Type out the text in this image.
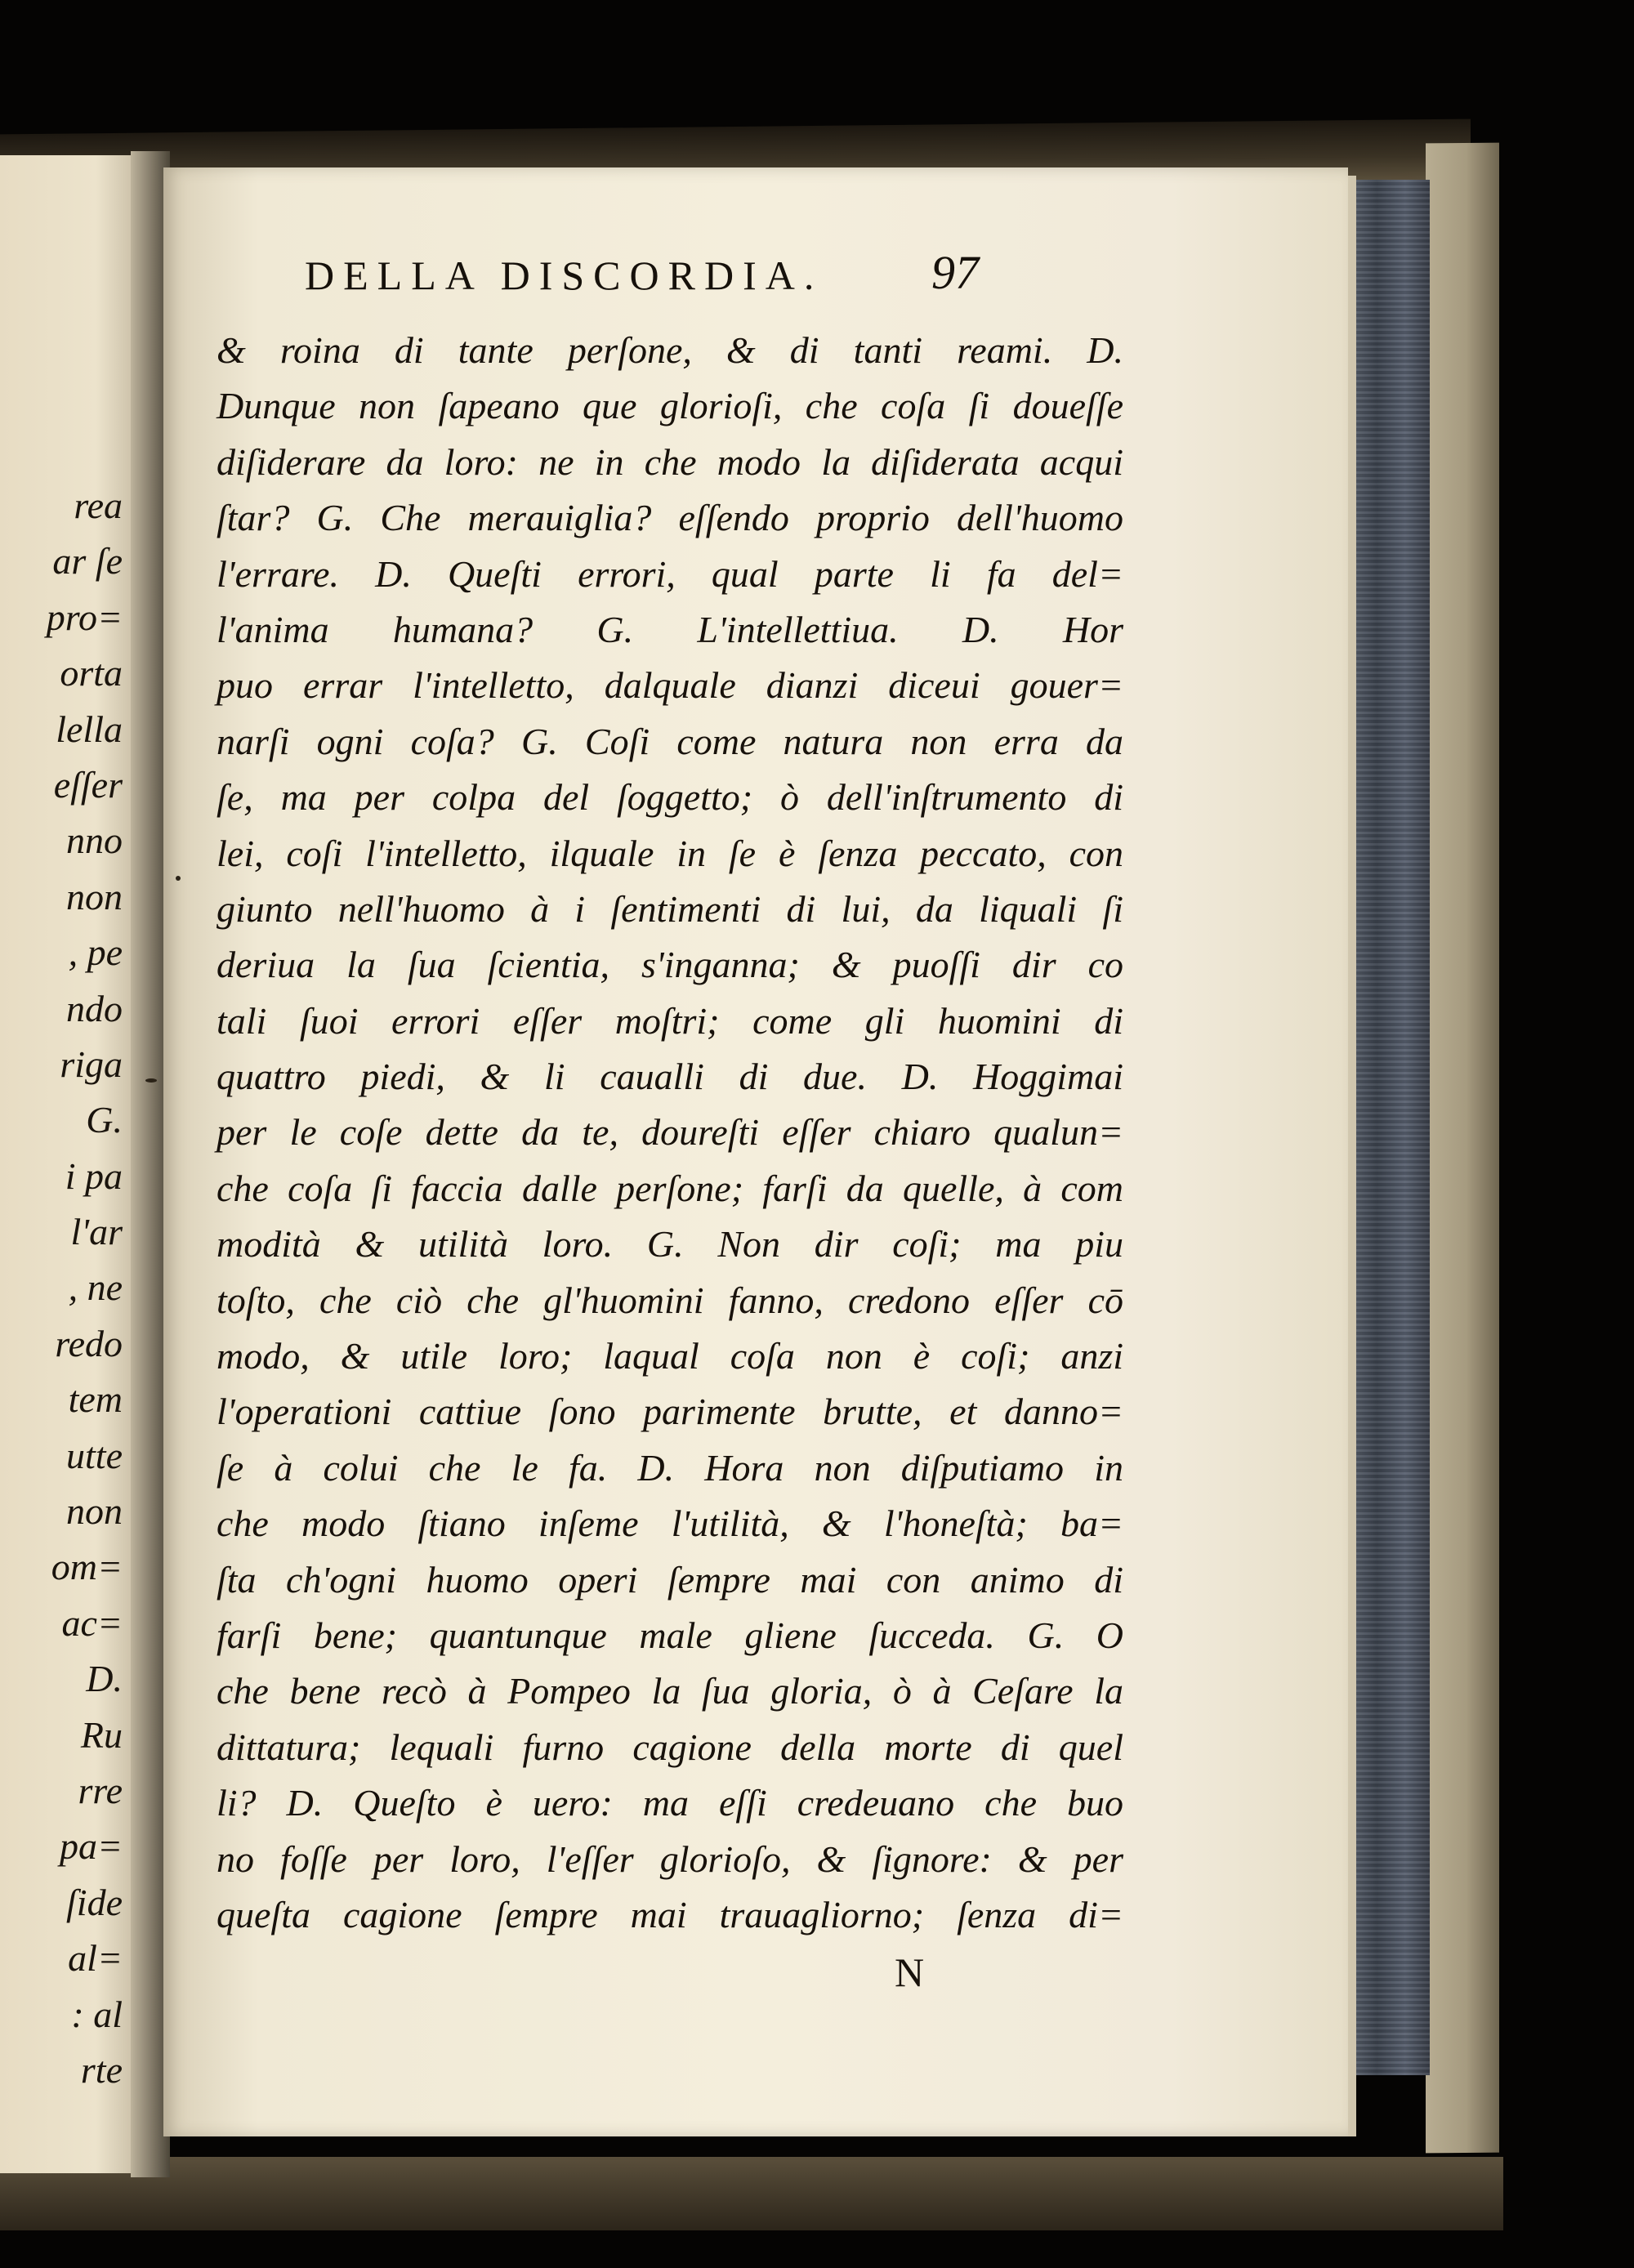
rea
ar ſe
pro=
orta
lella
eſſer
nno
non
, pe
ndo
riga
G.
i pa
l'ar
, ne
redo
tem
utte
non
om=
ac=
D.
Ru
rre
pa=
ſide
al=
: al
rte
DELLA DISCORDIA. 97
& roina di tante perſone, & di tanti reami. D.
Dunque non ſapeano que glorioſi, che coſa ſi doueſſe
diſiderare da loro: ne in che modo la diſiderata acqui
ſtar? G. Che merauiglia? eſſendo proprio dell'huomo
l'errare. D. Queſti errori, qual parte li fa del=
l'anima humana? G. L'intellettiua. D. Hor
puo errar l'intelletto, dalquale dianzi diceui gouer=
narſi ogni coſa? G. Coſi come natura non erra da
ſe, ma per colpa del ſoggetto; ò dell'inſtrumento di
lei, coſi l'intelletto, ilquale in ſe è ſenza peccato, con
giunto nell'huomo à i ſentimenti di lui, da liquali ſi
deriua la ſua ſcientia, s'inganna; & puoſſi dir co
tali ſuoi errori eſſer moſtri; come gli huomini di
quattro piedi, & li caualli di due. D. Hoggimai
per le coſe dette da te, doureſti eſſer chiaro qualun=
che coſa ſi faccia dalle perſone; farſi da quelle, à com
modità & utilità loro. G. Non dir coſi; ma piu
toſto, che ciò che gl'huomini fanno, credono eſſer cō
modo, & utile loro; laqual coſa non è coſi; anzi
l'operationi cattiue ſono parimente brutte, et danno=
ſe à colui che le fa. D. Hora non diſputiamo in
che modo ſtiano inſeme l'utilità, & l'honeſtà; ba=
ſta ch'ogni huomo operi ſempre mai con animo di
farſi bene; quantunque male gliene ſucceda. G. O
che bene recò à Pompeo la ſua gloria, ò à Ceſare la
dittatura; lequali furno cagione della morte di quel
li? D. Queſto è uero: ma eſſi credeuano che buo
no foſſe per loro, l'eſſer glorioſo, & ſignore: & per
queſta cagione ſempre mai trauagliorno; ſenza di=
N
